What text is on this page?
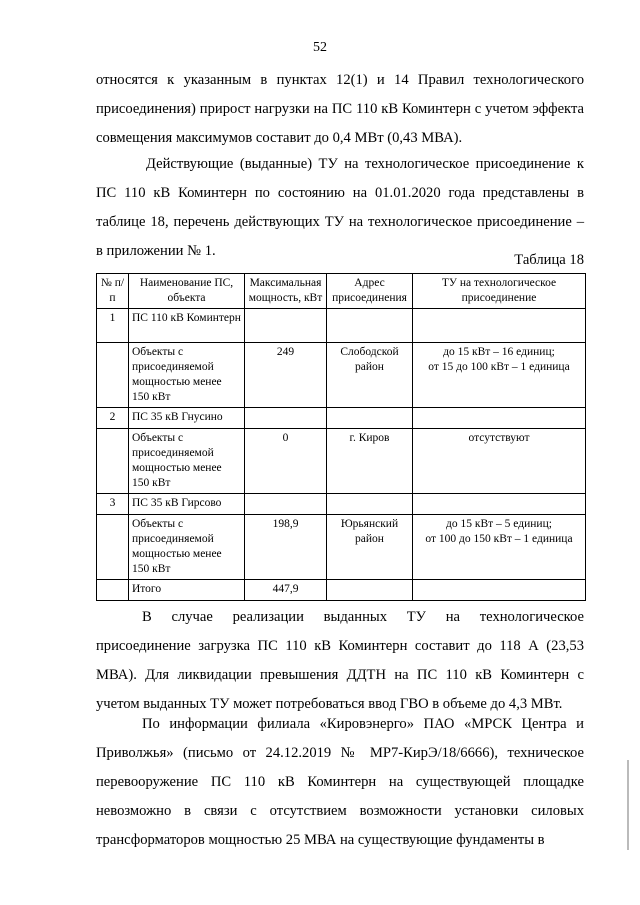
52

относятся к указанным в пунктах 12(1) и 14 Правил технологического присоединения) прирост нагрузки на ПС 110 кВ Коминтерн с учетом эффекта совмещения максимумов составит до 0,4 МВт (0,43 МВА).

Действующие (выданные) ТУ на технологическое присоединение к ПС 110 кВ Коминтерн по состоянию на 01.01.2020 года представлены в таблице 18, перечень действующих ТУ на технологическое присоединение – в приложении № 1.

Таблица 18
№ п/п	Наименование ПС, объекта	Максимальная мощность, кВт	Адрес присоединения	ТУ на технологическое присоединение
1	ПС 110 кВ Коминтерн			
	Объекты с присоединяемой мощностью менее 150 кВт	249	Слободской район	до 15 кВт – 16 единиц;
от 15 до 100 кВт – 1 единица

2	ПС 35 кВ Гнусино			
	Объекты с присоединяемой мощностью менее 150 кВт	0	г. Киров	отсутствуют
3	ПС 35 кВ Гирсово			
	Объекты с присоединяемой мощностью менее 150 кВт	198,9	Юрьянский район	до 15 кВт – 5 единиц;
от 100 до 150 кВт – 1 единица

	Итого	447,9		

В случае реализации выданных ТУ на технологическое присоединение загрузка ПС 110 кВ Коминтерн составит до 118 А (23,53 МВА). Для ликвидации превышения ДДТН на ПС 110 кВ Коминтерн с учетом выданных ТУ может потребоваться ввод ГВО в объеме до 4,3 МВт.

По информации филиала «Кировэнерго» ПАО «МРСК Центра и Приволжья» (письмо от 24.12.2019 № МР7-КирЭ/18/6666), техническое перевооружение ПС 110 кВ Коминтерн на существующей площадке невозможно в связи с отсутствием возможности установки силовых трансформаторов мощностью 25 МВА на существующие фундаменты в
